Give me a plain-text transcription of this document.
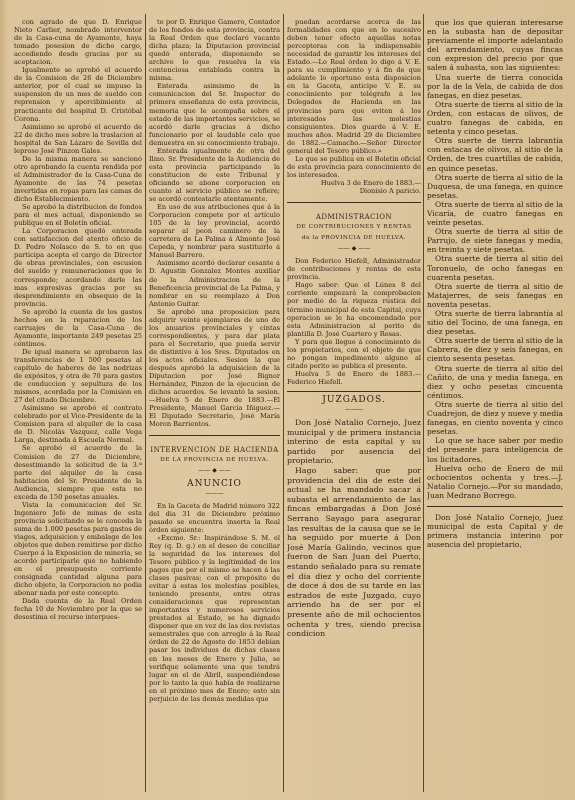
con agrado de que D. Enrique Nieto Carlier, nombrado interventor de la Casa-cuna de Ayamonte, haya tomado posesion de dicho cargo, accediendo desde gracias por su aceptacion.

Igualmente se aprobó el acuerdo de la Comision de 26 de Diciembre anterior, por el cual se impuso la suspension de un mes de sueldo con reprension y apercibimiento al practicante del hospital D. Cristóbal Corona.

Asimismo se aprobó el acuerdo de 22 de dicho mes sobre la traslacion al hospital de San Lázaro de Sevilla del leproso José Pinzon Gales.

De la misma manera se sancionó otro aprobando la cuenta rendida por el Administrador de la Casa-Cuna de Ayamonte de las 74 pesetas invertidas en ropas para las camas de dicho Establecimiento.

Se aprobó la distribucion de fondos para el mes actual, disponiendo se publique en el Boletín oficial.

La Corporacion quedó enterada con satisfaccion del atento oficio de D. Pedro Nolasco de S. to en que participa acepta el cargo de Director de obras provinciales, con escusion del sueldo y remuneraciones que le corresponde; acordando darle las mas expresivas gracias por su desprendimiento en obsequio de la provincia.

Se aprobó la cuenta de los gastos hechos en la reparacion de los carruajes de la Casa-Cuna de Ayamonte, importante 249 pesetas 25 céntimos.

De igual manera se aprobaron las transferencias de 1 500 pesetas al capítulo de haberes de las nodrizas de expósitos, y otra de 70 para gastos de conduccion y sepultura de los mismos, acordada por la Comision en 27 del citado Diciembre.

Asimismo se aprobó el contrato celebrado por el Vice-Presidente de la Comision para el alquiler de la casa de D. Nicolás Vazquez, calle Vega Larga, destinada á Escuela Normal.

Se aprobó el acuerdo de la Comision de 27 de Diciembre, desestimando la solicitud de la 3.ª parte del alquiler de la casa habitacion del Sr. Presidente de la Audiencia, siempre que esta no exceda de 150 pesetas anuales.

Vista la comunicacion del Sr. Ingeniero Jefe de minas de esta provincia solicitando se le conceda la suma de 1.000 pesetas para gastos de viages, adquisicion y embalage de los objetos que deben remitirse por dicho Cuerpo á la Exposicion de minería, se acordó participarle que no habiendo en el presupuesto corriente consignada cantidad alguna para dicho objeto, la Corporacion no podia abonar nada por este concepto.

Dada cuenta de la Real Orden fecha 10 de Noviembre por la que se desestima el recurso interpues-

to por D. Enrique Gamero, Contador de los fondos de esta provincia, contra la Real Orden que declaró vacante dicha plaza; la Diputacion provincial quedó enterada, disponiendo se archive lo que resuelva la vía contenciosa entablada contra la misma.

Enterada asimismo de la comunicacion del Sr. Inspector de primera enseñanza de esta provincia, memoria que le acompaña sobre el estado de las importantes servicios, se acordó darle gracias á dicho funcionario por el laudable celo que demuestra en su conocimiento trabajo.

Enterada igualmente de otra del Ilmo. Sr. Presidente de la Audiencia de esta provincia participando la constitucion de este Tribunal y oficiando se abone corporacion en cuanto al servicio público se refiere; se acordó contestarle atentamente.

En uso de sus atribuciones que á la Corporacion compete por el artículo 105 de la ley provincial, acordó separar al peon caminero de la carretera de La Palma á Almonte José Cepeda, y nombrar para sustituirlo á Manuel Barrero.

Asimismo acordó declarar cesante á D. Agustin Gonzalez Montes auxiliar de la Administracion de la Beneficencia provincial de La Palma, y nombrar en su reemplazo á Don Antonio Guitar.

Se aprobó una proposicion para adquirir veinte ejemplares de uno de los anuarios provinciales y cintas correspondientes, y para dar plata para el Secretario, que pueda servir de distintivo á los Sres. Diputados en los actos oficiales. Sesion la que después aprobó la adquisicion de la Diputacion por José Bignor Hernández, Pinzon de la ejecucion de dichos acuerdos. Se levantó la sesion.—Huelva 5 de Enero de 1883.—El Presidente, Manuel Garcia Iñiguez.—El Diputado Secretario, José María Moron Barrientos.

INTERVENCION DE HACIENDA

DE LA PROVINCIA DE HUELVA.

—— ◆ ——

ANUNCIO

———

En la Gaceta de Madrid número 322 del dia 31 de Diciembre próximo pasado se encuentra inserta la Real órden siguiente:

«Excmo. Sr.: Inspirándose S. M. el Rey (q. D. g.) en el deseo de conciliar la seguridad de los intereses del Tesoro público y la legitimidad de los pagos que por el mismo se hacen á las clases pasivas; con el propósito de evitar á estas los molestias posibles, teniendo presente, entre otras consideraciones que representan importantes y numerosos servicios prestados al Estado, se ha dignado disponer que en vez de las dos revistas semestrales que con arreglo á la Real órden de 22 de Agosto de 1853 debian pasar los individuos de dichas clases en los meses de Enero y Julio, se verifique solamente una que tendrá lugar en el de Abril, suspendiéndose por lo tanto la que había de realizarse en el próximo mes de Enero; esto sin perjuicio de las demás medidas que

puedan acordarse acerca de las formalidades con que en lo sucesivo deben tener efecto aquellas notas perceptoras con la indispensable necesidad de garantir los intereses del Estado.—Lo Real órden lo digo á V. E. para su cumplimiento y á fin de que adelante lo oportuno esta disposicion en la Gaceta, anticipe V. E. su conocimiento por telégrafo á los Delegados de Hacienda en las provincias para que eviten á los interesados las molestias consiguientes. Dios guarde á V. E. muchos años. Madrid 29 de Diciembre de 1882.—Camacho.—Señor Director general del Tesoro público.»

Lo que se publica en el Boletin oficial de esta provincia para conocimiento de los interesados.

Huelva 3 de Enero de 1883.—Dionisio A paricio.

ADMINISTRACION

DE CONTRIBUCIONES Y RENTAS

de la PROVINCIA DE HUELVA.

—— ◆ ——

Don Federico Hiefell, Administrador de contribuciones y rentas de esta provincia.

Hago saber: Que el Lúnes 8 del corriente empezará la comprobacion por medio de la riqueza rústica del término municipal de esta Capital, cuya operacion se le ha encomendado por esta Administracion al perito de plantilla D. José Cuartero y Rosas.

Y para que llegue á conocimiento de los propietarios, con el objeto de que no pongan impedimento alguno al citado perito se publica el presente.

Huelva 5 de Enero de 1883.—Federico Hiefell.

JUZGADOS.

———

Don José Natalio Cornejo, Juez municipal y de primera instancia interino de esta capital y su partido por ausencia del propietario.

Hago saber: que por providencia del dia de este del actual se ha mandado sacar á subasta el arrendamiento de las fincas embargadas á Don José Serrano Sayago para asegurar las resultas de la causa que se le ha seguido por muerte á Don José María Galindo, vecinos que fueron de San Juan del Puerto, estando señalado para su remate el dia diez y ocho del corriente de doce á dos de su tarde en las estrados de este Juzgado, cuyo arriendo ha de ser por el presente año de mil ochocientos ochenta y tres, siendo precisa condicion

que los que quieran interesarse en la subasta han de depositar previamente el importe adelantado del arrendamiento, cuyas fincas con expresion del precio por que salen á subasta, son las siguientes:

Una suerte de tierra conocida por la de la Vela, de cabida de dos fanegas, en diez pesetas.

Otra suerte de tierra al sitio de la Orden, con estacas de olivos, de cuatro fanegas de cabida, en setenta y cinco pesetas.

Otra suerte de tierra labrantía con estacas de olivos, al sitio de la Orden, de tres cuartillas de cabida, en quince pesetas.

Otra suerte de tierra al sitio de la Duquesa, de una fanega, en quince pesetas.

Otra suerte de tierra al sitio de la Vicaría, de cuatro fanegas en veinte pesetas.

Otra suerte de tierra al sitio de Parrujo, de siete fanegas y media, en treinta y siete pesetas.

Otra suerte de tierra al sitio del Toronuelo, de ocho fanegas en cuarenta pesetas.

Otra suerte de tierra al sitio de Matajerres, de seis fanegas en noventa pesetas.

Otra suerte de tierra labrantía al sitio del Tocino, de una fanega, en diez pesetas.

Otra suerte de tierra al sitio de la Cabrera, de diez y seis fanegas, en ciento sesenta pesetas.

Otra suerte de tierra al sitio del Cañito, de una y media fanega, en diez y ocho pesetas cincuenta céntimos.

Otra suerte de tierra al sitio del Cuadrejon, de diez y nueve y media fanegas, en ciento noventa y cinco pesetas.

Lo que se hace saber por medio del presente para inteligencia de los licitadores.

Huelva ocho de Enero de mil ochocientos ochenta y tres.—J. Natalio Cornejo.—Por su mandado, Juan Medrano Borrego.

Don José Natalio Cornejo, Juez municipal de esta Capital y de primera instancia interino por ausencia del propietario,
